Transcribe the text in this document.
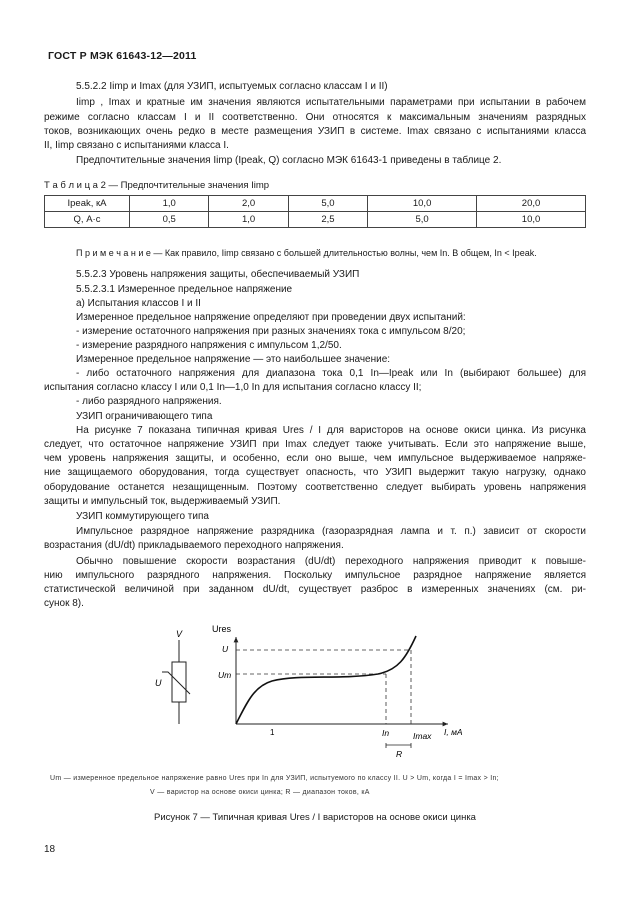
ГОСТ Р МЭК 61643-12—2011
5.5.2.2 Iimp и Imax (для УЗИП, испытуемых согласно классам I и II)
Iimp , Imax и кратные им значения являются испытательными параметрами при испытании в рабочем
режиме согласно классам I и II соответственно. Они относятся к максимальным значениям разрядных
токов, возникающих очень редко в месте размещения УЗИП в системе. Imax связано с испытаниями класса
II, Iimp связано с испытаниями класса I.
Предпочтительные значения Iimp (Ipeak, Q) согласно МЭК 61643-1 приведены в таблице 2.
Т а б л и ц а 2 — Предпочтительные значения Iimp
Ipeak, кА	1,0	2,0	5,0	10,0	20,0
Q, А·с	0,5	1,0	2,5	5,0	10,0
П р и м е ч а н и е — Как правило, Iimp связано с большей длительностью волны, чем In. В общем, In < Ipeak.
5.5.2.3 Уровень напряжения защиты, обеспечиваемый УЗИП
5.5.2.3.1 Измеренное предельное напряжение
а) Испытания классов I и II
Измеренное предельное напряжение определяют при проведении двух испытаний:
- измерение остаточного напряжения при разных значениях тока с импульсом 8/20;
- измерение разрядного напряжения с импульсом 1,2/50.
Измеренное предельное напряжение — это наибольшее значение:
- либо остаточного напряжения для диапазона тока 0,1 In—Ipeak или In (выбирают большее) для
испытания согласно классу I или 0,1 In—1,0 In для испытания согласно классу II;
- либо разрядного напряжения.
УЗИП ограничивающего типа
На рисунке 7 показана типичная кривая Ures / I для варисторов на основе окиси цинка. Из рисунка
следует, что остаточное напряжение УЗИП при Imax следует также учитывать. Если это напряжение выше,
чем уровень напряжения защиты, и особенно, если оно выше, чем импульсное выдерживаемое напряже-
ние защищаемого оборудования, тогда существует опасность, что УЗИП выдержит такую нагрузку, однако
оборудование останется незащищенным. Поэтому соответственно следует выбирать уровень напряжения
защиты и импульсный ток, выдерживаемый УЗИП.
УЗИП коммутирующего типа
Импульсное разрядное напряжение разрядника (газоразрядная лампа и т. п.) зависит от скорости
возрастания (dU/dt) прикладываемого переходного напряжения.
Обычно повышение скорости возрастания (dU/dt) переходного напряжения приводит к повыше-
нию импульсного разрядного напряжения. Поскольку импульсное разрядное напряжение является
статистической величиной при заданном dU/dt, существует разброс в измеренных значениях (см. ри-
сунок 8).
V
U
Ures
U
Um
1	In	Imax I, мА
R
Um — измеренное предельное напряжение равно Ures при In для УЗИП, испытуемого по классу II. U > Um, когда I = Imax > In;
V — варистор на основе окиси цинка; R — диапазон токов, кА
Рисунок 7 — Типичная кривая Ures / I варисторов на основе окиси цинка
18
